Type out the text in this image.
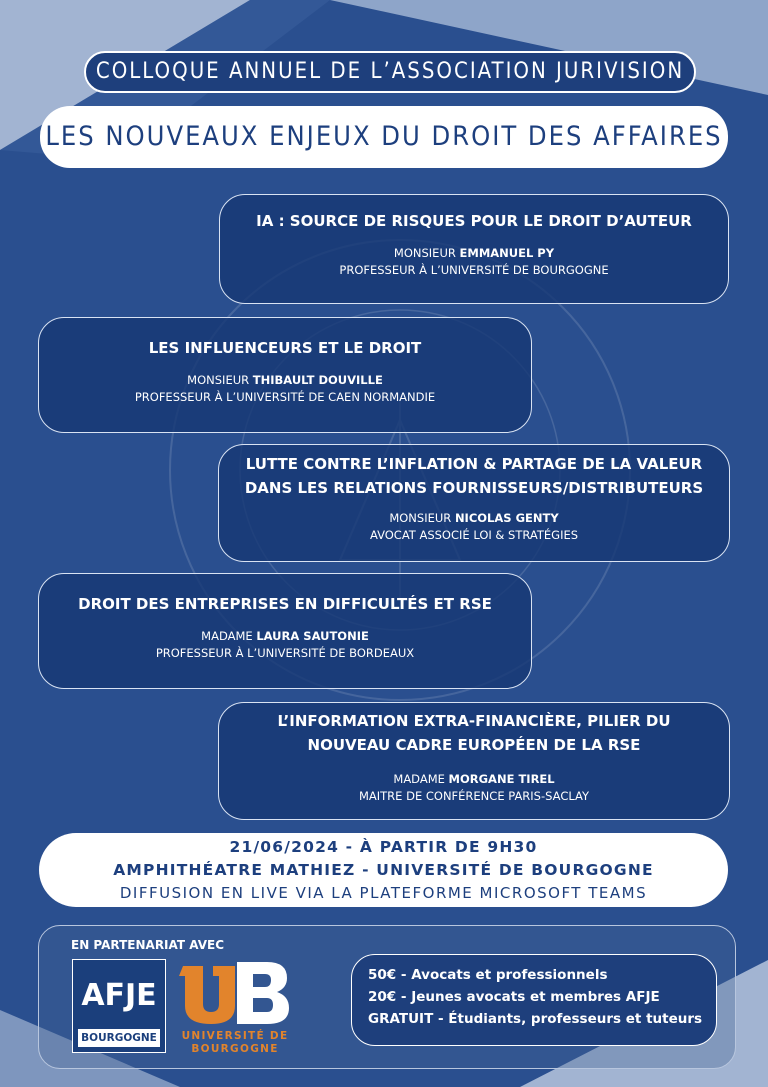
COLLOQUE ANNUEL DE L’ASSOCIATION JURIVISION
LES NOUVEAUX ENJEUX DU DROIT DES AFFAIRES
IA : SOURCE DE RISQUES POUR LE DROIT D’AUTEUR
MONSIEUR EMMANUEL PY
PROFESSEUR À L’UNIVERSITÉ DE BOURGOGNE
LES INFLUENCEURS ET LE DROIT
MONSIEUR THIBAULT DOUVILLE
PROFESSEUR À L’UNIVERSITÉ DE CAEN NORMANDIE
LUTTE CONTRE L’INFLATION & PARTAGE DE LA VALEUR
DANS LES RELATIONS FOURNISSEURS/DISTRIBUTEURS
MONSIEUR NICOLAS GENTY
AVOCAT ASSOCIÉ LOI & STRATÉGIES
DROIT DES ENTREPRISES EN DIFFICULTÉS ET RSE
MADAME LAURA SAUTONIE
PROFESSEUR À L’UNIVERSITÉ DE BORDEAUX
L’INFORMATION EXTRA-FINANCIÈRE, PILIER DU
NOUVEAU CADRE EUROPÉEN DE LA RSE
MADAME MORGANE TIREL
MAITRE DE CONFÉRENCE PARIS-SACLAY
21/06/2024 - À PARTIR DE 9H30
AMPHITHÉATRE MATHIEZ - UNIVERSITÉ DE BOURGOGNE
DIFFUSION EN LIVE VIA LA PLATEFORME MICROSOFT TEAMS
EN PARTENARIAT AVEC
AFJE
BOURGOGNE	UNIVERSITÉ DE
BOURGOGNE
50€ - Avocats et professionnels
20€ - Jeunes avocats et membres AFJE
GRATUIT - Étudiants, professeurs et tuteurs
